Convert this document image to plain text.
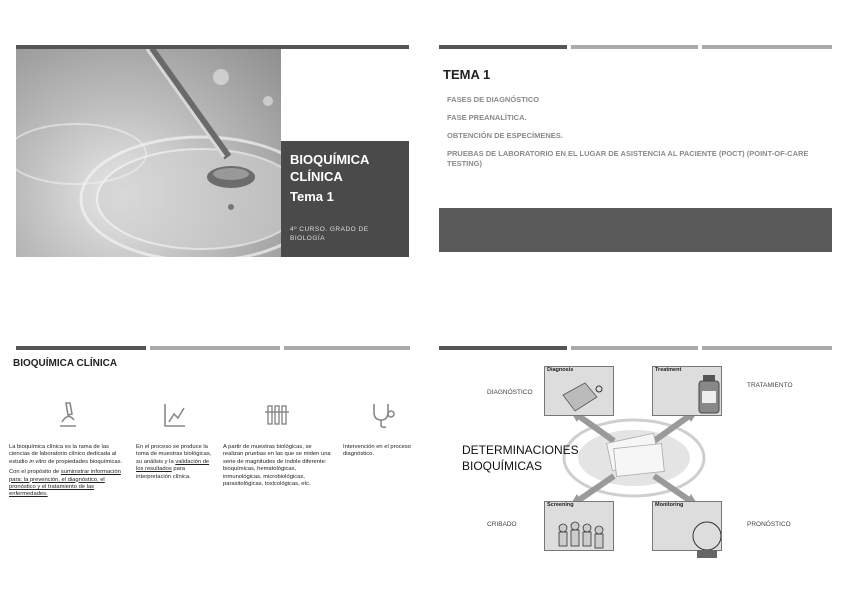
BIOQUÍMICA CLÍNICA
Tema 1
4º CURSO. GRADO DE BIOLOGÍA
TEMA 1
FASES DE DIAGNÓSTICO
FASE PREANALÍTICA.
OBTENCIÓN DE ESPECÍMENES.
PRUEBAS DE LABORATORIO EN EL LUGAR DE ASISTENCIA AL PACIENTE (POCT) (POINT-OF-CARE TESTING)
BIOQUÍMICA CLÍNICA

La bioquímica clínica es la rama de las ciencias de laboratorio clínico dedicada al estudio in vitro de propiedades bioquímicas.

Con el propósito de suministrar información para: la prevención, el diagnóstico, el pronóstico y el tratamiento de las enfermedades.

En el proceso se produce la toma de muestras biológicas, su análisis y la validación de los resultados para interpretación clínica.
A partir de muestras biológicas, se realizan pruebas en las que se miden una serie de magnitudes de índole diferente: bioquímicas, hematológicas, inmunológicas, microbiológicas, parasitológicas, toxicológicas, etc.
Intervención en el proceso diagnóstico.
DIAGNÓSTICO
TRATAMIENTO
CRIBADO	PRONÓSTICO
DETERMINACIONES
BIOQUÍMICAS
Diagnosis	Treatment
Screening	Monitoring
